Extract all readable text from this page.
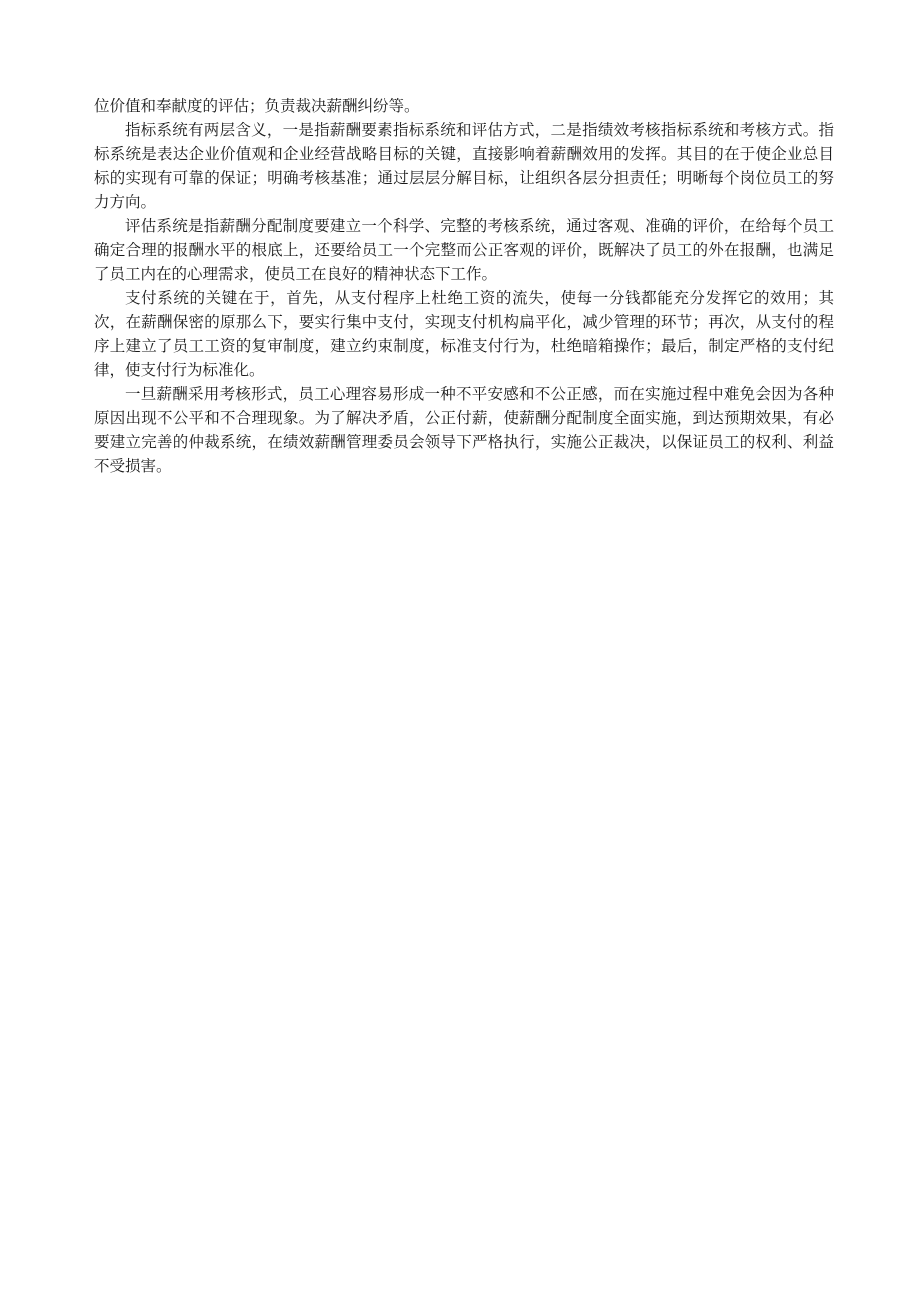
位价值和奉献度的评估；负责裁决薪酬纠纷等。

指标系统有两层含义，一是指薪酬要素指标系统和评估方式，二是指绩效考核指标系统和考核方式。指标系统是表达企业价值观和企业经营战略目标的关键，直接影响着薪酬效用的发挥。其目的在于使企业总目标的实现有可靠的保证；明确考核基准；通过层层分解目标，让组织各层分担责任；明晰每个岗位员工的努力方向。

评估系统是指薪酬分配制度要建立一个科学、完整的考核系统，通过客观、准确的评价，在给每个员工确定合理的报酬水平的根底上，还要给员工一个完整而公正客观的评价，既解决了员工的外在报酬，也满足了员工内在的心理需求，使员工在良好的精神状态下工作。

支付系统的关键在于，首先，从支付程序上杜绝工资的流失，使每一分钱都能充分发挥它的效用；其次，在薪酬保密的原那么下，要实行集中支付，实现支付机构扁平化，减少管理的环节；再次，从支付的程序上建立了员工工资的复审制度，建立约束制度，标准支付行为，杜绝暗箱操作；最后，制定严格的支付纪律，使支付行为标准化。

一旦薪酬采用考核形式，员工心理容易形成一种不平安感和不公正感，而在实施过程中难免会因为各种原因出现不公平和不合理现象。为了解决矛盾，公正付薪，使薪酬分配制度全面实施，到达预期效果，有必要建立完善的仲裁系统，在绩效薪酬管理委员会领导下严格执行，实施公正裁决，以保证员工的权利、利益不受损害。
